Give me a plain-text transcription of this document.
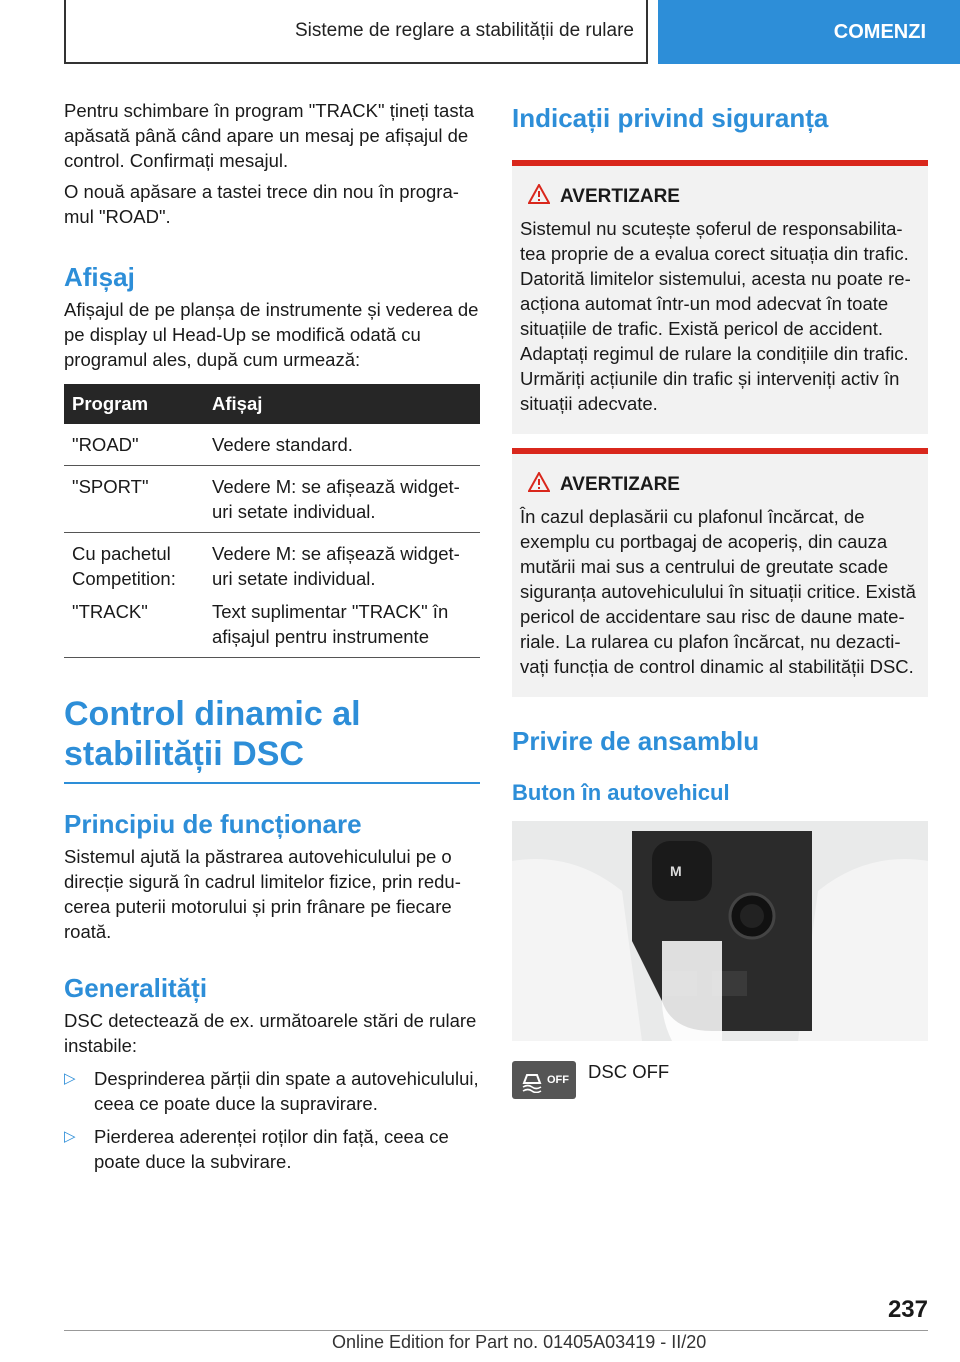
Sisteme de reglare a stabilității de rulare	COMENZI

Pentru schimbare în program "TRACK" țineți tasta apăsată până când apare un mesaj pe afișajul de control. Confirmați mesajul.

O nouă apăsare a tastei trece din nou în programul "ROAD".

Afișaj

Afișajul de pe planșa de instrumente și vederea de pe display ul Head-Up se modifică odată cu programul ales, după cum urmează:

Program	Afișaj
"ROAD"	Vedere standard.
"SPORT"	Vedere M: se afișează widget-uri setate individual.
Cu pachetul Competition:	Vedere M: se afișează widget-uri setate individual.
"TRACK"	Text suplimentar "TRACK" în afișajul pentru instrumente
Control dinamic al stabilității DSC
Principiu de funcționare

Sistemul ajută la păstrarea autovehiculului pe o direcție sigură în cadrul limitelor fizice, prin reducerea puterii motorului și prin frânare pe fiecare roată.

Generalități

DSC detectează de ex. următoarele stări de rulare instabile:

▷ Desprinderea părții din spate a autovehiculului, ceea ce poate duce la supravirare.

▷ Pierderea aderenței roților din față, ceea ce poate duce la subvirare.

Indicații privind siguranța
AVERTIZARE

Sistemul nu scutește șoferul de responsabilitatea proprie de a evalua corect situația din trafic. Datorită limitelor sistemului, acesta nu poate reacționa automat într-un mod adecvat în toate situațiile de trafic. Există pericol de accident. Adaptați regimul de rulare la condițiile din trafic. Urmăriți acțiunile din trafic și interveniți activ în situații adecvate.

AVERTIZARE

În cazul deplasării cu plafonul încărcat, de exemplu cu portbagaj de acoperiș, din cauza mutării mai sus a centrului de greutate scade siguranța autovehiculului în situații critice. Există pericol de accidentare sau risc de daune materiale. La rularea cu plafon încărcat, nu dezactivați funcția de control dinamic al stabilității DSC.

Privire de ansamblu
Buton în autovehicul
M
OFF DSC OFF

237
Online Edition for Part no. 01405A03419 - II/20
